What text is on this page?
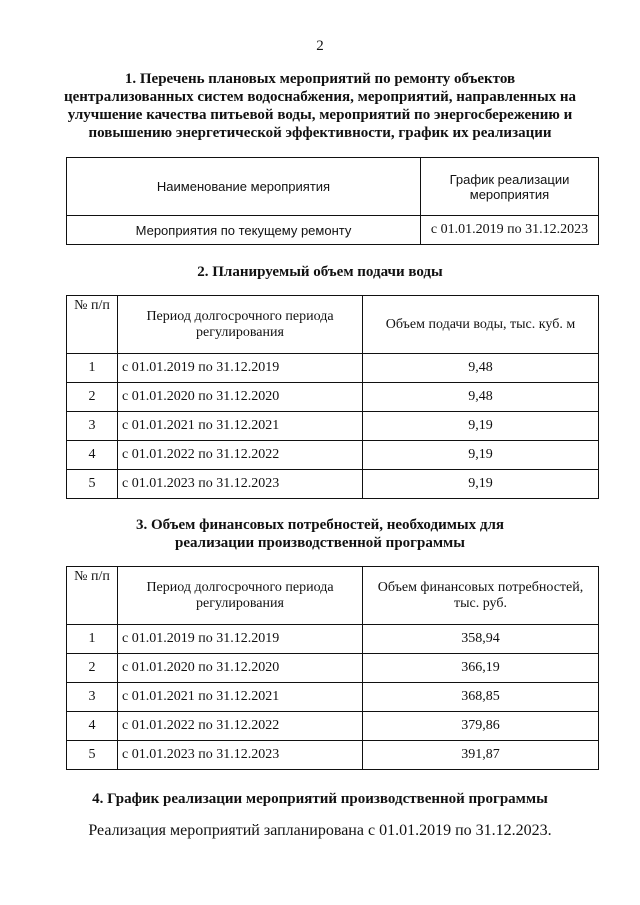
2
1. Перечень плановых мероприятий по ремонту объектов
централизованных систем водоснабжения, мероприятий, направленных на
улучшение качества питьевой воды, мероприятий по энергосбережению и
повышению энергетической эффективности, график их реализации
Наименование мероприятия	График реализации мероприятия
Мероприятия по текущему ремонту	с 01.01.2019 по 31.12.2023
2. Планируемый объем подачи воды
№ п/п	Период долгосрочного периода регулирования	Объем подачи воды, тыс. куб. м
1	с 01.01.2019 по 31.12.2019	9,48
2	с 01.01.2020 по 31.12.2020	9,48
3	с 01.01.2021 по 31.12.2021	9,19
4	с 01.01.2022 по 31.12.2022	9,19
5	с 01.01.2023 по 31.12.2023	9,19
3. Объем финансовых потребностей, необходимых для
реализации производственной программы
№ п/п	Период долгосрочного периода регулирования	Объем финансовых потребностей, тыс. руб.
1	с 01.01.2019 по 31.12.2019	358,94
2	с 01.01.2020 по 31.12.2020	366,19
3	с 01.01.2021 по 31.12.2021	368,85
4	с 01.01.2022 по 31.12.2022	379,86
5	с 01.01.2023 по 31.12.2023	391,87
4. График реализации мероприятий производственной программы

Реализация мероприятий запланирована с 01.01.2019 по 31.12.2023.
